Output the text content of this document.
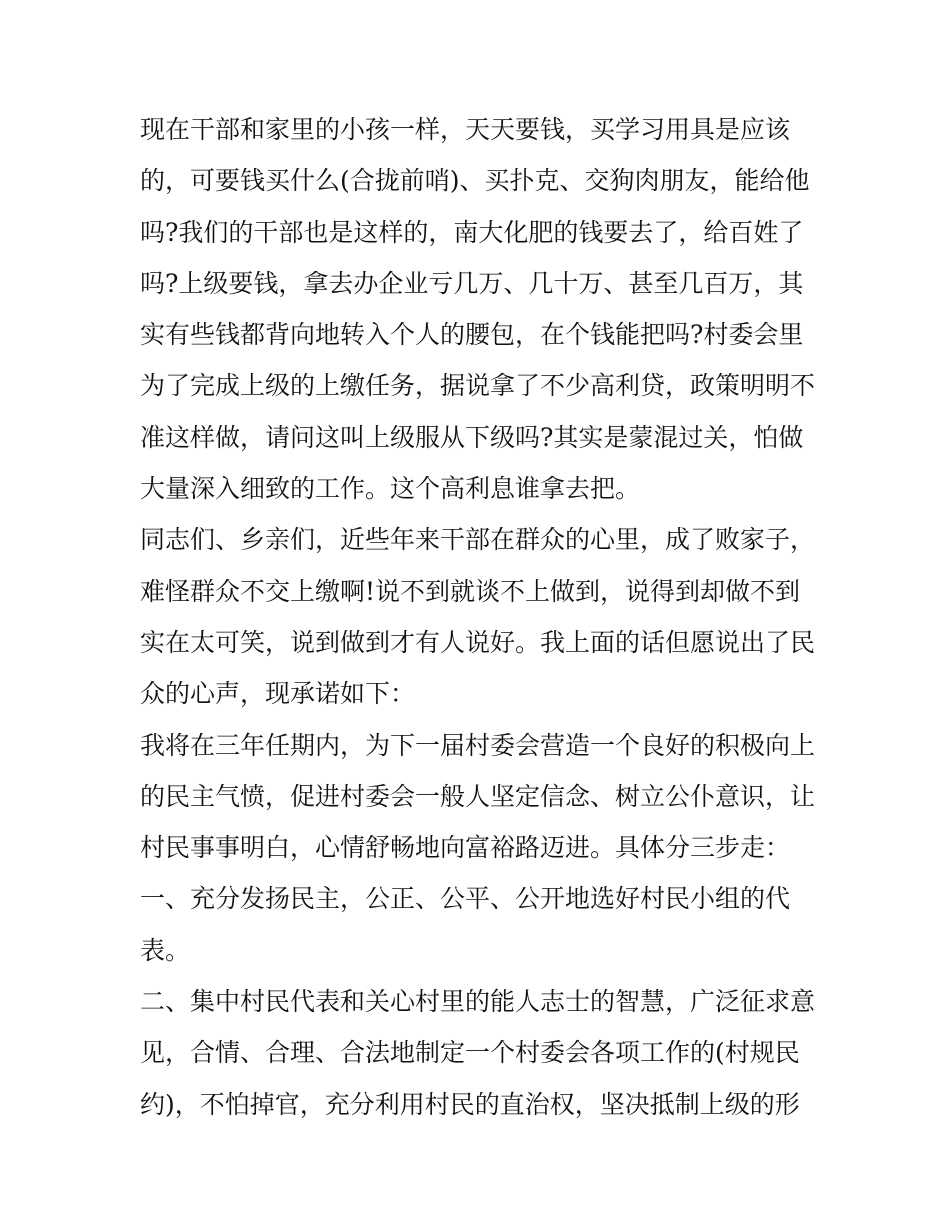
现在干部和家里的小孩一样，天天要钱，买学习用具是应该
的，可要钱买什么(合拢前哨)、买扑克、交狗肉朋友，能给他
吗?我们的干部也是这样的，南大化肥的钱要去了，给百姓了
吗?上级要钱，拿去办企业亏几万、几十万、甚至几百万，其
实有些钱都背向地转入个人的腰包，在个钱能把吗?村委会里
为了完成上级的上缴任务，据说拿了不少高利贷，政策明明不
准这样做，请问这叫上级服从下级吗?其实是蒙混过关，怕做
大量深入细致的工作。这个高利息谁拿去把。
同志们、乡亲们，近些年来干部在群众的心里，成了败家子，
难怪群众不交上缴啊!说不到就谈不上做到，说得到却做不到
实在太可笑，说到做到才有人说好。我上面的话但愿说出了民
众的心声，现承诺如下：
我将在三年任期内，为下一届村委会营造一个良好的积极向上
的民主气愤，促进村委会一般人坚定信念、树立公仆意识，让
村民事事明白，心情舒畅地向富裕路迈进。具体分三步走：
一、充分发扬民主，公正、公平、公开地选好村民小组的代
表。
二、集中村民代表和关心村里的能人志士的智慧，广泛征求意
见，合情、合理、合法地制定一个村委会各项工作的(村规民
约)，不怕掉官，充分利用村民的直治权，坚决抵制上级的形
